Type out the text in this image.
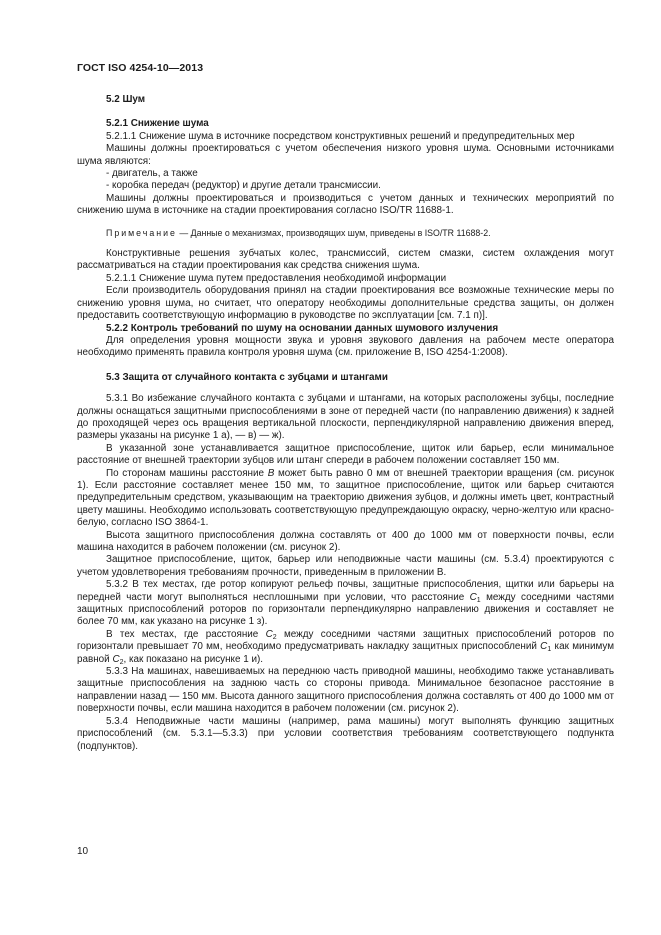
ГОСТ ISO 4254-10—2013

5.2 Шум

5.2.1 Снижение шума

5.2.1.1 Снижение шума в источнике посредством конструктивных решений и предупредительных мер

Машины должны проектироваться с учетом обеспечения низкого уровня шума. Основными источниками шума являются:

- двигатель, а также

- коробка передач (редуктор) и другие детали трансмиссии.

Машины должны проектироваться и производиться с учетом данных и технических мероприятий по снижению шума в источнике на стадии проектирования согласно ISO/TR 11688-1.

Примечание — Данные о механизмах, производящих шум, приведены в ISO/TR 11688-2.

Конструктивные решения зубчатых колес, трансмиссий, систем смазки, систем охлаждения могут рассматриваться на стадии проектирования как средства снижения шума.

5.2.1.1 Снижение шума путем предоставления необходимой информации

Если производитель оборудования принял на стадии проектирования все возможные технические меры по снижению уровня шума, но считает, что оператору необходимы дополнительные средства защиты, он должен предоставить соответствующую информацию в руководстве по эксплуатации [см. 7.1 п)].

5.2.2 Контроль требований по шуму на основании данных шумового излучения

Для определения уровня мощности звука и уровня звукового давления на рабочем месте оператора необходимо применять правила контроля уровня шума (см. приложение В, ISO 4254-1:2008).

5.3 Защита от случайного контакта с зубцами и штангами

5.3.1 Во избежание случайного контакта с зубцами и штангами, на которых расположены зубцы, последние должны оснащаться защитными приспособлениями в зоне от передней части (по направлению движения) к задней до проходящей через ось вращения вертикальной плоскости, перпендикулярной направлению движения вперед, размеры указаны на рисунке 1 а), — в) — ж).

В указанной зоне устанавливается защитное приспособление, щиток или барьер, если минимальное расстояние от внешней траектории зубцов или штанг спереди в рабочем положении составляет 150 мм.

По сторонам машины расстояние B может быть равно 0 мм от внешней траектории вращения (см. рисунок 1). Если расстояние составляет менее 150 мм, то защитное приспособление, щиток или барьер считаются предупредительным средством, указывающим на траекторию движения зубцов, и должны иметь цвет, контрастный цвету машины. Необходимо использовать соответствующую предупреждающую окраску, черно-желтую или красно-белую, согласно ISO 3864-1.

Высота защитного приспособления должна составлять от 400 до 1000 мм от поверхности почвы, если машина находится в рабочем положении (см. рисунок 2).

Защитное приспособление, щиток, барьер или неподвижные части машины (см. 5.3.4) проектируются с учетом удовлетворения требованиям прочности, приведенным в приложении В.

5.3.2 В тех местах, где ротор копируют рельеф почвы, защитные приспособления, щитки или барьеры на передней части могут выполняться несплошными при условии, что расстояние $C_1$ между соседними частями защитных приспособлений роторов по горизонтали перпендикулярно направлению движения и составляет не более 70 мм, как указано на рисунке 1 з).

В тех местах, где расстояние $C_2$ между соседними частями защитных приспособлений роторов по горизонтали превышает 70 мм, необходимо предусматривать накладку защитных приспособлений $C_1$ как минимум равной $C_2$, как показано на рисунке 1 и).

5.3.3 На машинах, навешиваемых на переднюю часть приводной машины, необходимо также устанавливать защитные приспособления на заднюю часть со стороны привода. Минимальное безопасное расстояние в направлении назад — 150 мм. Высота данного защитного приспособления должна составлять от 400 до 1000 мм от поверхности почвы, если машина находится в рабочем положении (см. рисунок 2).

5.3.4 Неподвижные части машины (например, рама машины) могут выполнять функцию защитных приспособлений (см. 5.3.1—5.3.3) при условии соответствия требованиям соответствующего подпункта (подпунктов).

10
